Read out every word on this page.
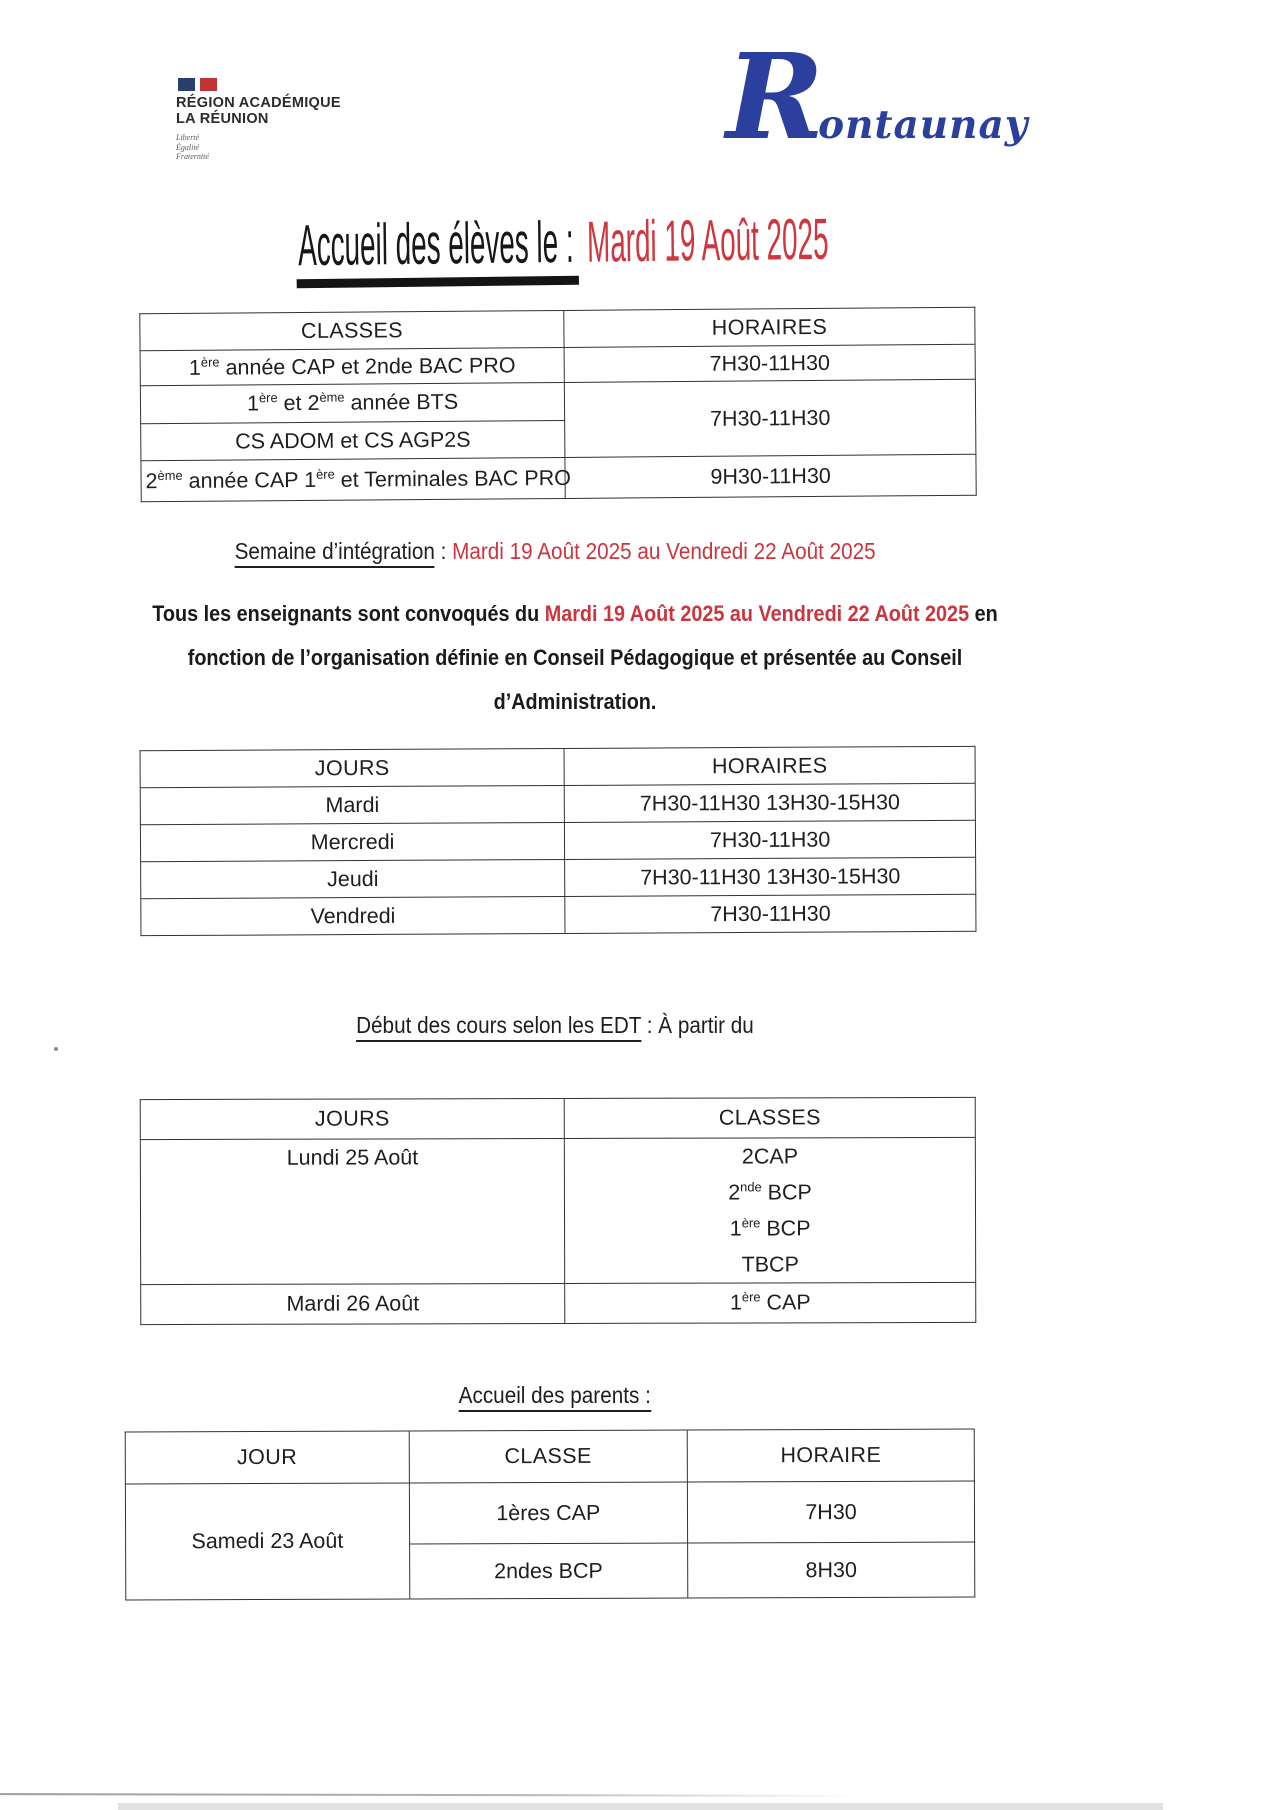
RÉGION ACADÉMIQUE
LA RÉUNION
Liberté
Égalité
Fraternité	R
ontaunay
Accueil des élèves le : Mardi 19 Août 2025
CLASSES	HORAIRES
1ère année CAP et 2nde BAC PRO	7H30-11H30
1ère et 2ème année BTS	7H30-11H30
CS ADOM et CS AGP2S	
2ème année CAP 1ère et Terminales BAC PRO	9H30-11H30
Semaine d’intégration : Mardi 19 Août 2025 au Vendredi 22 Août 2025
Tous les enseignants sont convoqués du Mardi 19 Août 2025 au Vendredi 22 Août 2025 en
fonction de l’organisation définie en Conseil Pédagogique et présentée au Conseil
d’Administration.
JOURS	HORAIRES
Mardi	7H30-11H30 13H30-15H30
Mercredi	7H30-11H30
Jeudi	7H30-11H30 13H30-15H30
Vendredi	7H30-11H30
Début des cours selon les EDT : À partir du
JOURS	CLASSES
Lundi 25 Août	2CAP
2nde BCP
1ère BCP
TBCP

Mardi 26 Août	1ère CAP
Accueil des parents :
JOUR	CLASSE	HORAIRE
Samedi 23 Août	1ères CAP	7H30
	2ndes BCP	8H30
